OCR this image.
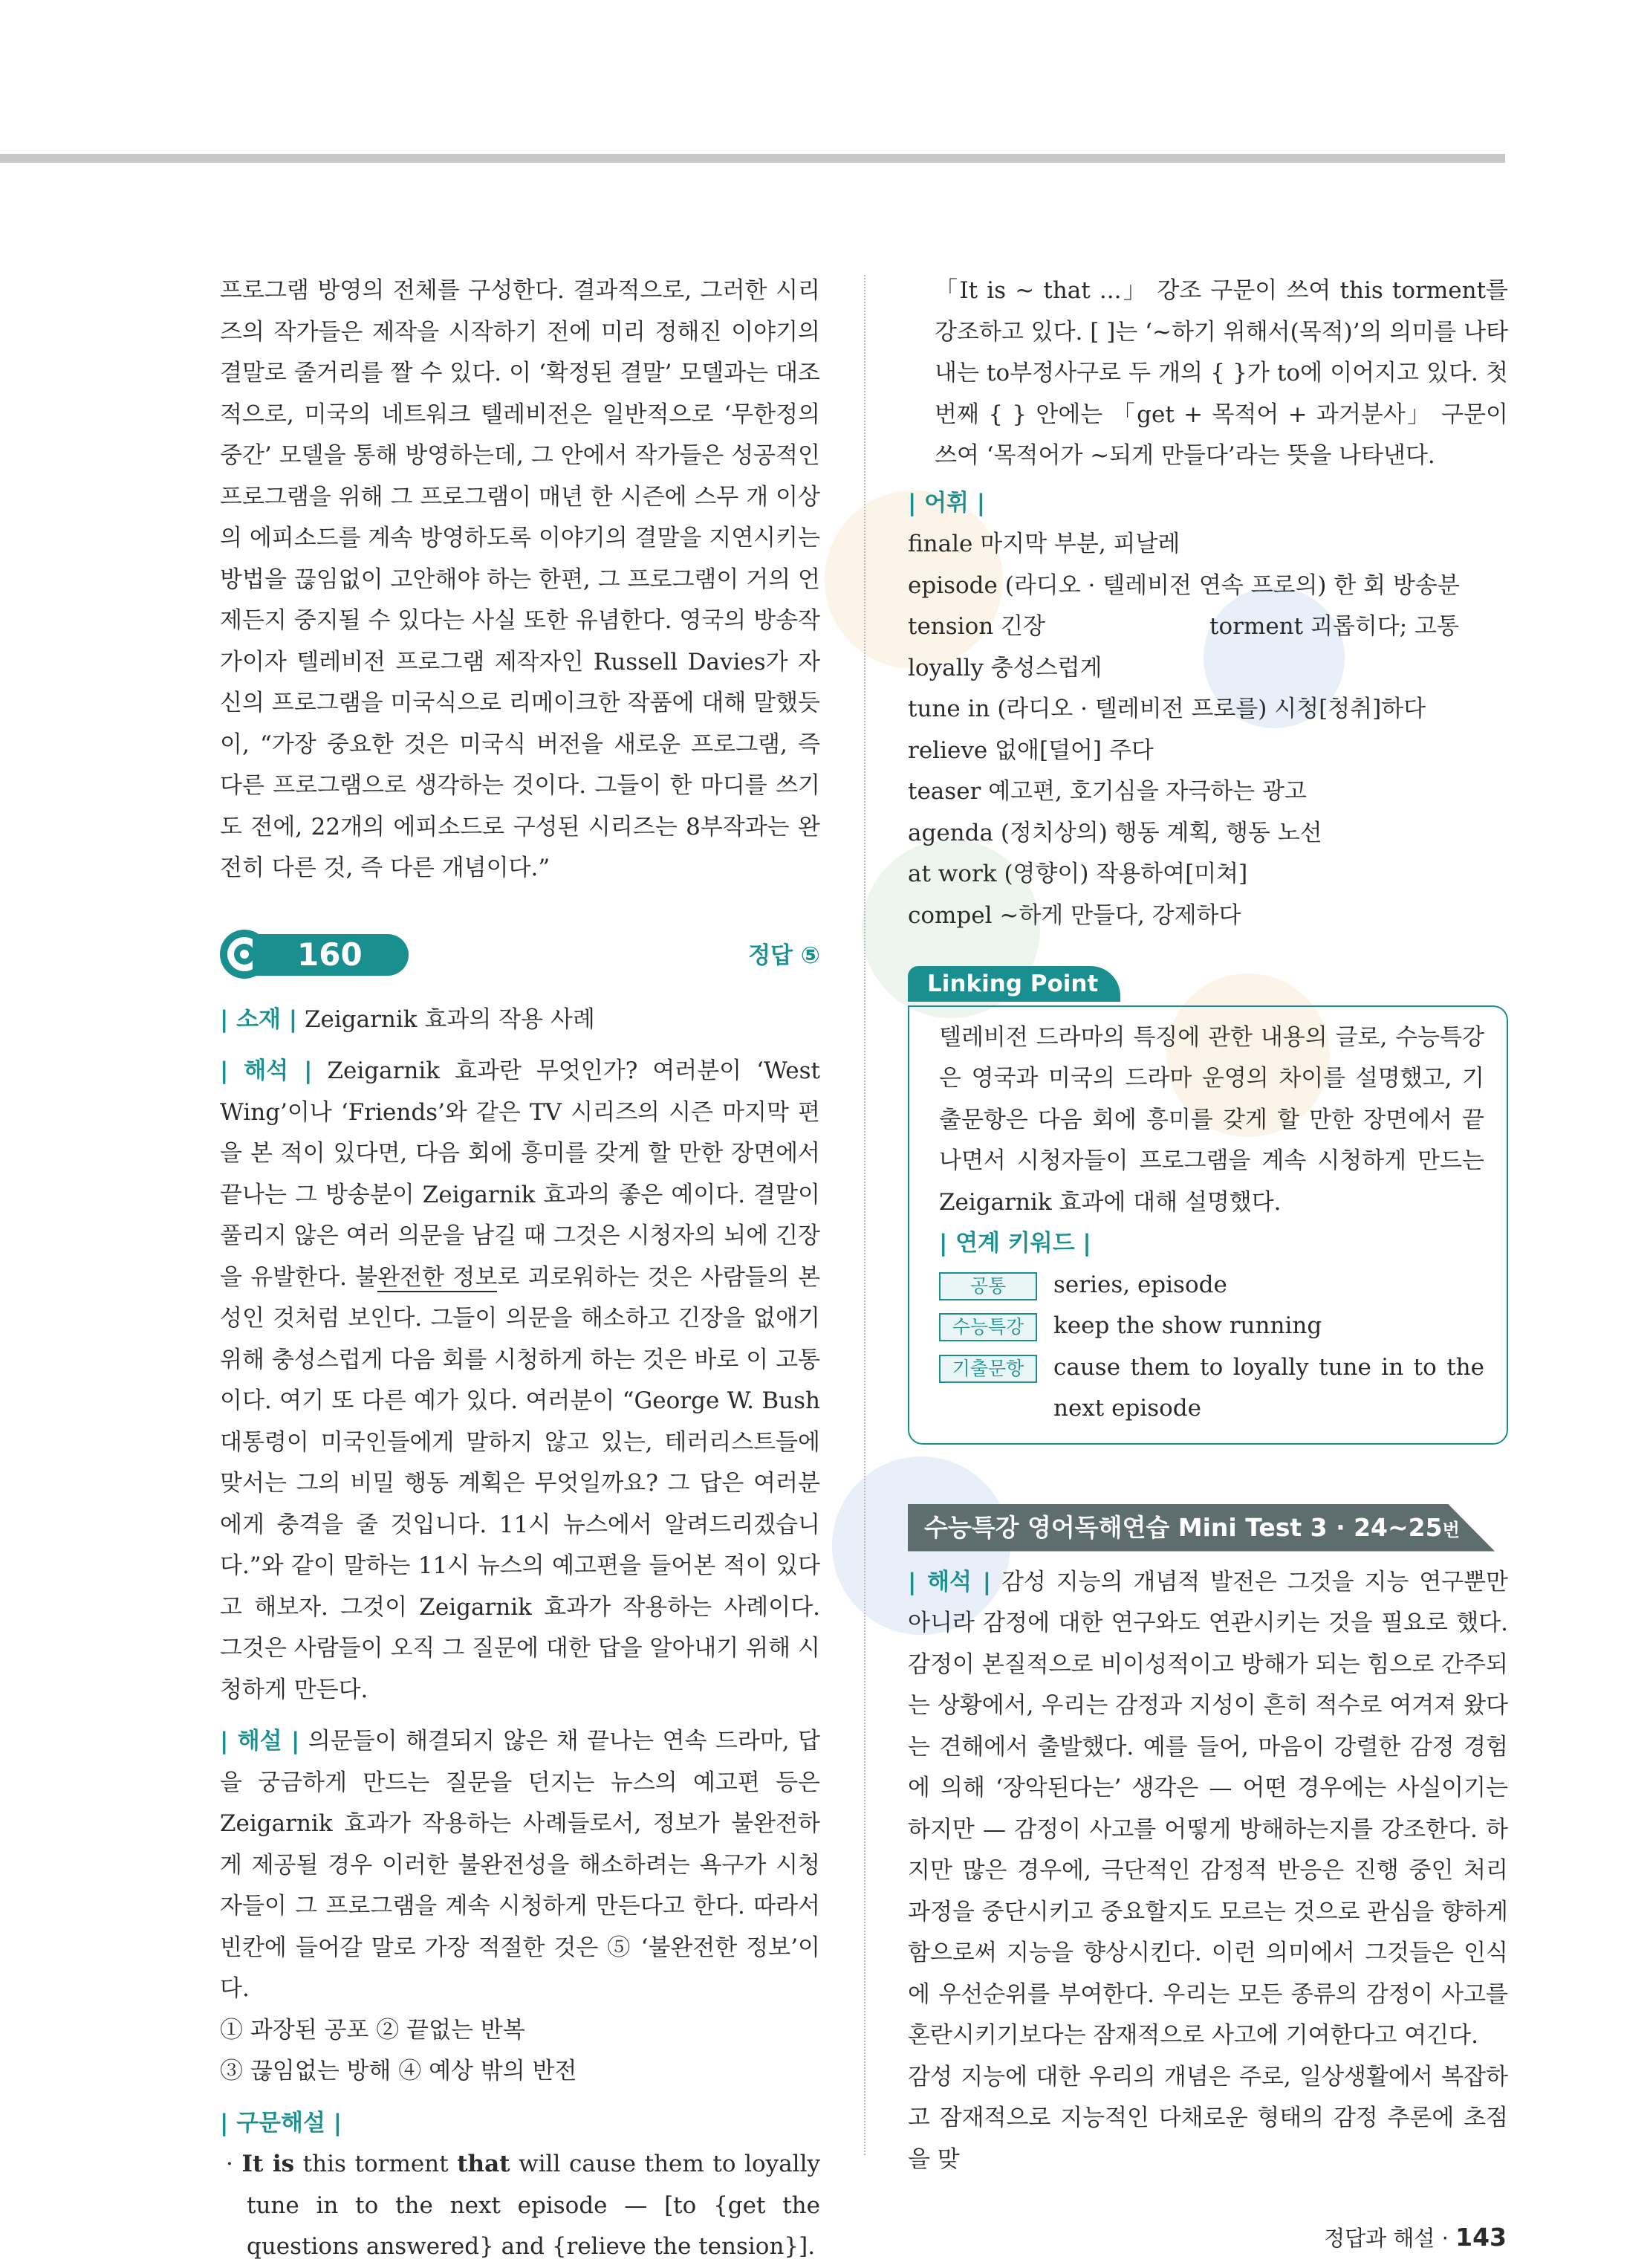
프로그램 방영의 전체를 구성한다. 결과적으로, 그러한 시리즈의 작가들은 제작을 시작하기 전에 미리 정해진 이야기의 결말로 줄거리를 짤 수 있다. 이 ‘확정된 결말’ 모델과는 대조적으로, 미국의 네트워크 텔레비전은 일반적으로 ‘무한정의 중간’ 모델을 통해 방영하는데, 그 안에서 작가들은 성공적인 프로그램을 위해 그 프로그램이 매년 한 시즌에 스무 개 이상의 에피소드를 계속 방영하도록 이야기의 결말을 지연시키는 방법을 끊임없이 고안해야 하는 한편, 그 프로그램이 거의 언제든지 중지될 수 있다는 사실 또한 유념한다. 영국의 방송작가이자 텔레비전 프로그램 제작자인 Russell Davies가 자신의 프로그램을 미국식으로 리메이크한 작품에 대해 말했듯이, “가장 중요한 것은 미국식 버전을 새로운 프로그램, 즉 다른 프로그램으로 생각하는 것이다. 그들이 한 마디를 쓰기도 전에, 22개의 에피소드로 구성된 시리즈는 8부작과는 완전히 다른 것, 즉 다른 개념이다.”

160	정답 ⑤

| 소재 | Zeigarnik 효과의 작용 사례

| 해석 | Zeigarnik 효과란 무엇인가? 여러분이 ‘West Wing’이나 ‘Friends’와 같은 TV 시리즈의 시즌 마지막 편을 본 적이 있다면, 다음 회에 흥미를 갖게 할 만한 장면에서 끝나는 그 방송분이 Zeigarnik 효과의 좋은 예이다. 결말이 풀리지 않은 여러 의문을 남길 때 그것은 시청자의 뇌에 긴장을 유발한다. 불완전한 정보로 괴로워하는 것은 사람들의 본성인 것처럼 보인다. 그들이 의문을 해소하고 긴장을 없애기 위해 충성스럽게 다음 회를 시청하게 하는 것은 바로 이 고통이다. 여기 또 다른 예가 있다. 여러분이 “George W. Bush 대통령이 미국인들에게 말하지 않고 있는, 테러리스트들에 맞서는 그의 비밀 행동 계획은 무엇일까요? 그 답은 여러분에게 충격을 줄 것입니다. 11시 뉴스에서 알려드리겠습니다.”와 같이 말하는 11시 뉴스의 예고편을 들어본 적이 있다고 해보자. 그것이 Zeigarnik 효과가 작용하는 사례이다. 그것은 사람들이 오직 그 질문에 대한 답을 알아내기 위해 시청하게 만든다.

| 해설 | 의문들이 해결되지 않은 채 끝나는 연속 드라마, 답을 궁금하게 만드는 질문을 던지는 뉴스의 예고편 등은 Zeigarnik 효과가 작용하는 사례들로서, 정보가 불완전하게 제공될 경우 이러한 불완전성을 해소하려는 욕구가 시청자들이 그 프로그램을 계속 시청하게 만든다고 한다. 따라서 빈칸에 들어갈 말로 가장 적절한 것은 ⑤ ‘불완전한 정보’이다.

① 과장된 공포 ② 끝없는 반복

③ 끊임없는 방해 ④ 예상 밖의 반전

| 구문해설 |

· It is this torment that will cause them to loyally tune in to the next episode — [to {get the questions answered} and {relieve the tension}].

「It is ~ that ...」 강조 구문이 쓰여 this torment를 강조하고 있다. [ ]는 ‘~하기 위해서(목적)’의 의미를 나타내는 to부정사구로 두 개의 { }가 to에 이어지고 있다. 첫 번째 { } 안에는 「get + 목적어 + 과거분사」 구문이 쓰여 ‘목적어가 ~되게 만들다’라는 뜻을 나타낸다.

| 어휘 |

finale 마지막 부분, 피날레

episode (라디오 · 텔레비전 연속 프로의) 한 회 방송분

tension 긴장	torment 괴롭히다; 고통

loyally 충성스럽게

tune in (라디오 · 텔레비전 프로를) 시청[청취]하다

relieve 없애[덜어] 주다

teaser 예고편, 호기심을 자극하는 광고

agenda (정치상의) 행동 계획, 행동 노선

at work (영향이) 작용하여[미쳐]

compel ~하게 만들다, 강제하다

Linking Point

텔레비전 드라마의 특징에 관한 내용의 글로, 수능특강은 영국과 미국의 드라마 운영의 차이를 설명했고, 기출문항은 다음 회에 흥미를 갖게 할 만한 장면에서 끝나면서 시청자들이 프로그램을 계속 시청하게 만드는 Zeigarnik 효과에 대해 설명했다.

| 연계 키워드 |

공통	series, episode
수능특강	keep the show running
기출문항	cause them to loyally tune in to the next episode
수능특강 영어독해연습 Mini Test 3 · 24~25번

| 해석 | 감성 지능의 개념적 발전은 그것을 지능 연구뿐만 아니라 감정에 대한 연구와도 연관시키는 것을 필요로 했다. 감정이 본질적으로 비이성적이고 방해가 되는 힘으로 간주되는 상황에서, 우리는 감정과 지성이 흔히 적수로 여겨져 왔다는 견해에서 출발했다. 예를 들어, 마음이 강렬한 감정 경험에 의해 ‘장악된다는’ 생각은 — 어떤 경우에는 사실이기는 하지만 — 감정이 사고를 어떻게 방해하는지를 강조한다. 하지만 많은 경우에, 극단적인 감정적 반응은 진행 중인 처리 과정을 중단시키고 중요할지도 모르는 것으로 관심을 향하게 함으로써 지능을 향상시킨다. 이런 의미에서 그것들은 인식에 우선순위를 부여한다. 우리는 모든 종류의 감정이 사고를 혼란시키기보다는 잠재적으로 사고에 기여한다고 여긴다.

감성 지능에 대한 우리의 개념은 주로, 일상생활에서 복잡하고 잠재적으로 지능적인 다채로운 형태의 감정 추론에 초점을 맞

정답과 해설 · 143
